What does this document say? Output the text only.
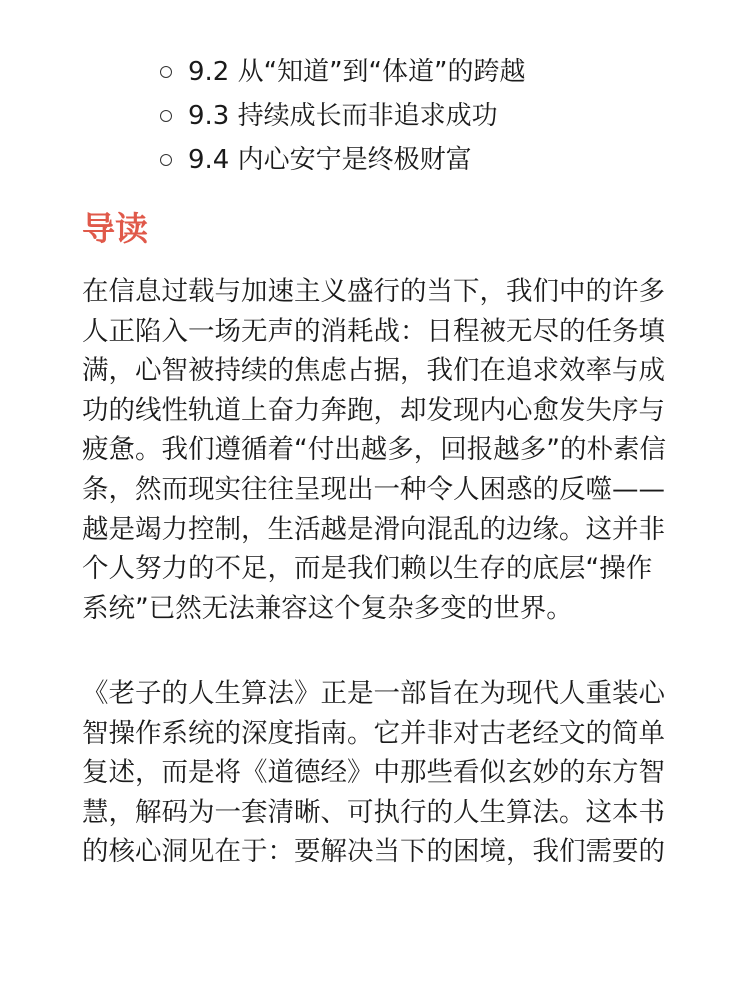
9.2 从“知道”到“体道”的跨越
9.3 持续成长而非追求成功
9.4 内心安宁是终极财富
导读

在信息过载与加速主义盛行的当下，我们中的许多人正陷入一场无声的消耗战：日程被无尽的任务填满，心智被持续的焦虑占据，我们在追求效率与成功的线性轨道上奋力奔跑，却发现内心愈发失序与疲惫。我们遵循着“付出越多，回报越多”的朴素信条，然而现实往往呈现出一种令人困惑的反噬——越是竭力控制，生活越是滑向混乱的边缘。这并非个人努力的不足，而是我们赖以生存的底层“操作系统”已然无法兼容这个复杂多变的世界。

《老子的人生算法》正是一部旨在为现代人重装心智操作系统的深度指南。它并非对古老经文的简单复述，而是将《道德经》中那些看似玄妙的东方智慧，解码为一套清晰、可执行的人生算法。这本书的核心洞见在于：要解决当下的困境，我们需要的
